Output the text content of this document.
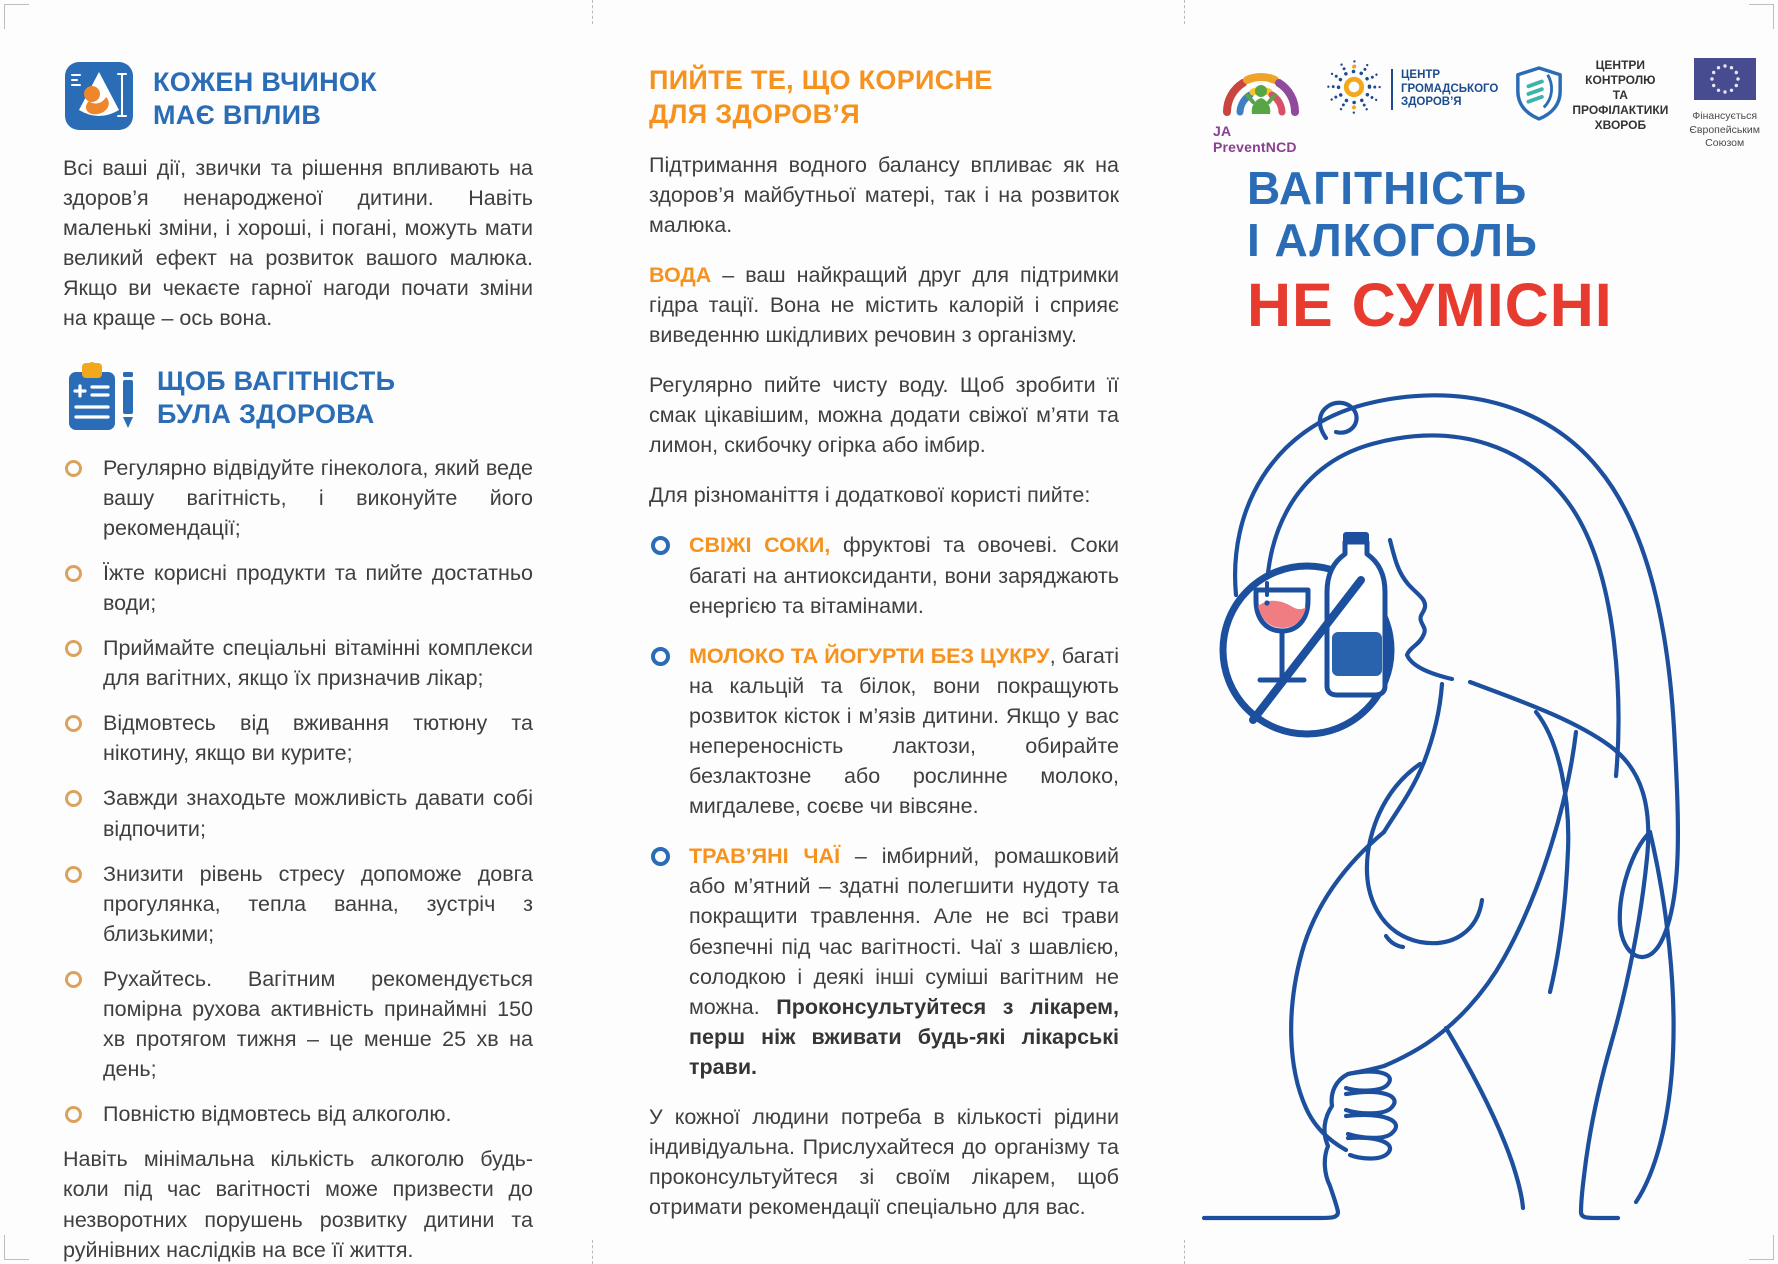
КОЖЕН ВЧИНОК
МАЄ ВПЛИВ

Всі ваші дії, звички та рішення впливають на здоров’я ненародженої дитини. Навіть маленькі зміни, і хороші, і погані, можуть мати великий ефект на розвиток вашого малюка. Якщо ви чекаєте гарної нагоди почати зміни на краще – ось вона.

ЩОБ ВАГІТНІСТЬ
БУЛА ЗДОРОВА
Регулярно відвідуйте гінеколога, який веде вашу вагітність, і виконуйте його рекомендації;
Їжте корисні продукти та пийте достатньо води;
Приймайте спеціальні вітамінні комплекси для вагітних, якщо їх призначив лікар;
Відмовтесь від вживання тютюну та нікотину, якщо ви курите;
Завжди знаходьте можливість давати собі відпочити;
Знизити рівень стресу допоможе довга прогулянка, тепла ванна, зустріч з близькими;
Рухайтесь. Вагітним рекомендується помірна рухова активність принаймні 150 хв протягом тижня – це менше 25 хв на день;
Повністю відмовтесь від алкоголю.

Навіть мінімальна кількість алкоголю будь-коли під час вагітності може призвести до незворотних порушень розвитку дитини та руйнівних наслідків на все її життя.

ПИЙТЕ ТЕ, ЩО КОРИСНЕ
ДЛЯ ЗДОРОВ’Я

Підтримання водного балансу впливає як на здоров’я майбутньої матері, так і на розвиток малюка.

ВОДА – ваш найкращий друг для підтримки гідра тації. Вона не містить калорій і сприяє виведенню шкідливих речовин з організму.

Регулярно пийте чисту воду. Щоб зробити її смак цікавішим, можна додати свіжої м’яти та лимон, скибочку огірка або імбир.

Для різноманіття і додаткової користі пийте:

СВІЖІ СОКИ, фруктові та овочеві. Соки багаті на антиоксиданти, вони заряджають енергією та вітамінами.
МОЛОКО ТА ЙОГУРТИ БЕЗ ЦУКРУ, багаті на кальцій та білок, вони покращують розвиток кісток і м’язів дитини. Якщо у вас непереносність лактози, обирайте безлактозне або рослинне молоко, мигдалеве, соєве чи вівсяне.
ТРАВ’ЯНІ ЧАЇ – імбирний, ромашковий або м’ятний – здатні полегшити нудоту та покращити травлення. Але не всі трави безпечні під час вагітності. Чаї з шавлією, солодкою і деякі інші суміші вагітним не можна. Проконсультуйтеся з лікарем, перш ніж вживати будь-які лікарські трави.

У кожної людини потреба в кількості рідини індивідуальна. Прислухайтеся до організму та проконсультуйтеся зі своїм лікарем, щоб отримати рекомендації спеціально для вас.

JA PreventNCD
ЦЕНТР
ГРОМАДСЬКОГО
ЗДОРОВ’Я
ЦЕНТРИ КОНТРОЛЮ
ТА ПРОФІЛАКТИКИ
ХВОРОБ
Фінансується
Європейським Союзом
ВАГІТНІСТЬ
І АЛКОГОЛЬ
НЕ СУМІСНІ
